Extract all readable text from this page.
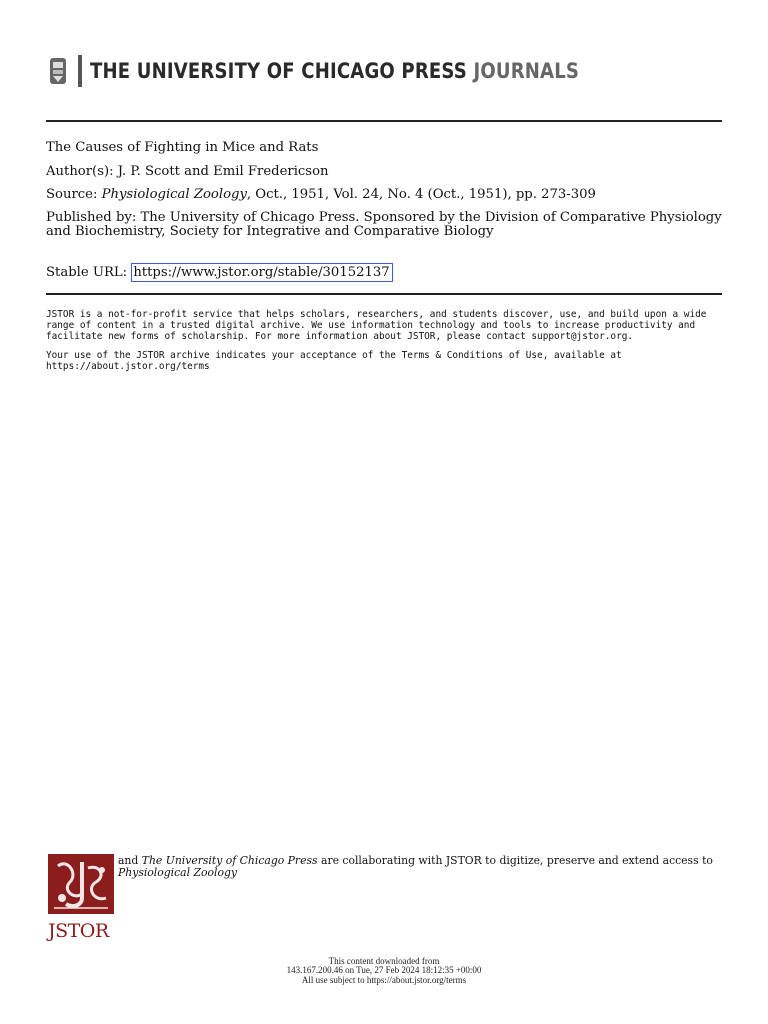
THE UNIVERSITY OF CHICAGO PRESS JOURNALS

The Causes of Fighting in Mice and Rats

Author(s): J. P. Scott and Emil Fredericson

Source: Physiological Zoology, Oct., 1951, Vol. 24, No. 4 (Oct., 1951), pp. 273-309

Published by: The University of Chicago Press. Sponsored by the Division of Comparative Physiology and Biochemistry, Society for Integrative and Comparative Biology

Stable URL: https://www.jstor.org/stable/30152137

JSTOR is a not-for-profit service that helps scholars, researchers, and students discover, use, and build upon a wide range of content in a trusted digital archive. We use information technology and tools to increase productivity and facilitate new forms of scholarship. For more information about JSTOR, please contact support@jstor.org.

Your use of the JSTOR archive indicates your acceptance of the Terms & Conditions of Use, available at https://about.jstor.org/terms

JSTOR

and The University of Chicago Press are collaborating with JSTOR to digitize, preserve and extend access to Physiological Zoology

This content downloaded from

143.167.200.46 on Tue, 27 Feb 2024 18:12:35 +00:00

All use subject to https://about.jstor.org/terms
